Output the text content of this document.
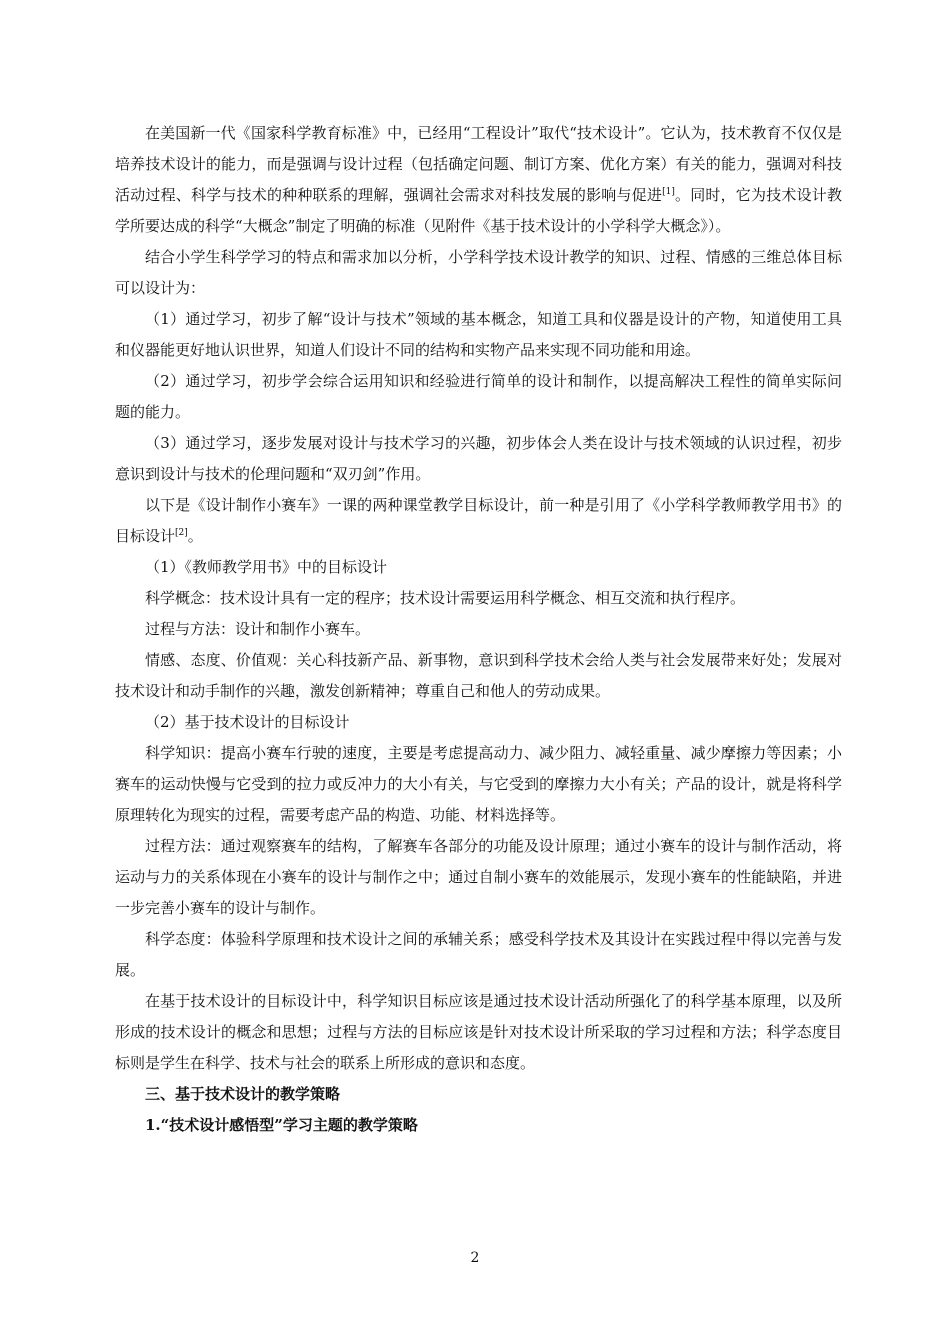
在美国新一代《国家科学教育标准》中，已经用“工程设计”取代“技术设计”。它认为，技术教育不仅仅是培养技术设计的能力，而是强调与设计过程（包括确定问题、制订方案、优化方案）有关的能力，强调对科技活动过程、科学与技术的种种联系的理解，强调社会需求对科技发展的影响与促进[1]。同时，它为技术设计教学所要达成的科学“大概念”制定了明确的标准（见附件《基于技术设计的小学科学大概念》）。

结合小学生科学学习的特点和需求加以分析，小学科学技术设计教学的知识、过程、情感的三维总体目标可以设计为：

（1）通过学习，初步了解“设计与技术”领域的基本概念，知道工具和仪器是设计的产物，知道使用工具和仪器能更好地认识世界，知道人们设计不同的结构和实物产品来实现不同功能和用途。

（2）通过学习，初步学会综合运用知识和经验进行简单的设计和制作，以提高解决工程性的简单实际问题的能力。

（3）通过学习，逐步发展对设计与技术学习的兴趣，初步体会人类在设计与技术领域的认识过程，初步意识到设计与技术的伦理问题和“双刃剑”作用。

以下是《设计制作小赛车》一课的两种课堂教学目标设计，前一种是引用了《小学科学教师教学用书》的目标设计[2]。

（1）《教师教学用书》中的目标设计

科学概念：技术设计具有一定的程序；技术设计需要运用科学概念、相互交流和执行程序。

过程与方法：设计和制作小赛车。

情感、态度、价值观：关心科技新产品、新事物，意识到科学技术会给人类与社会发展带来好处；发展对技术设计和动手制作的兴趣，激发创新精神；尊重自己和他人的劳动成果。

（2）基于技术设计的目标设计

科学知识：提高小赛车行驶的速度，主要是考虑提高动力、减少阻力、减轻重量、减少摩擦力等因素；小赛车的运动快慢与它受到的拉力或反冲力的大小有关，与它受到的摩擦力大小有关；产品的设计，就是将科学原理转化为现实的过程，需要考虑产品的构造、功能、材料选择等。

过程方法：通过观察赛车的结构，了解赛车各部分的功能及设计原理；通过小赛车的设计与制作活动，将运动与力的关系体现在小赛车的设计与制作之中；通过自制小赛车的效能展示，发现小赛车的性能缺陷，并进一步完善小赛车的设计与制作。

科学态度：体验科学原理和技术设计之间的承辅关系；感受科学技术及其设计在实践过程中得以完善与发展。

在基于技术设计的目标设计中，科学知识目标应该是通过技术设计活动所强化了的科学基本原理，以及所形成的技术设计的概念和思想；过程与方法的目标应该是针对技术设计所采取的学习过程和方法；科学态度目标则是学生在科学、技术与社会的联系上所形成的意识和态度。

三、基于技术设计的教学策略

1.“技术设计感悟型”学习主题的教学策略

2
